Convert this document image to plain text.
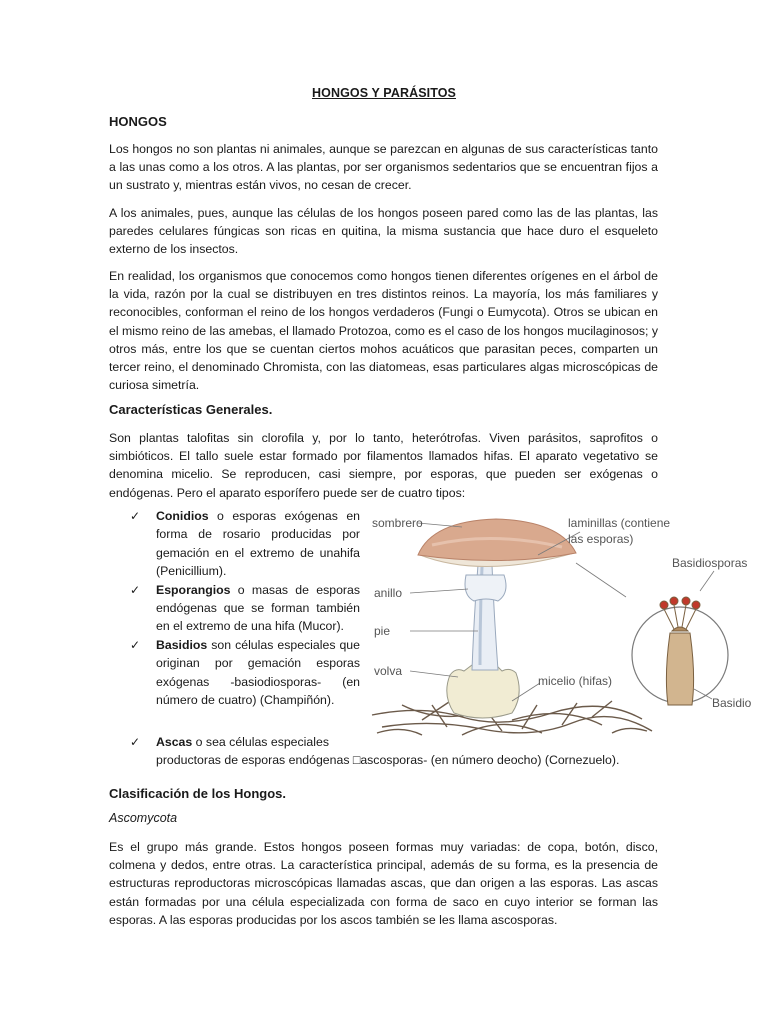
HONGOS Y PARÁSITOS
HONGOS

Los hongos no son plantas ni animales, aunque se parezcan en algunas de sus características tanto a las unas como a los otros. A las plantas, por ser organismos sedentarios que se encuentran fijos a un sustrato y, mientras están vivos, no cesan de crecer.

A los animales, pues, aunque las células de los hongos poseen pared como las de las plantas, las paredes celulares fúngicas son ricas en quitina, la misma sustancia que hace duro el esqueleto externo de los insectos.

En realidad, los organismos que conocemos como hongos tienen diferentes orígenes en el árbol de la vida, razón por la cual se distribuyen en tres distintos reinos. La mayoría, los más familiares y reconocibles, conforman el reino de los hongos verdaderos (Fungi o Eumycota). Otros se ubican en el mismo reino de las amebas, el llamado Protozoa, como es el caso de los hongos mucilaginosos; y otros más, entre los que se cuentan ciertos mohos acuáticos que parasitan peces, comparten un tercer reino, el denominado Chromista, con las diatomeas, esas particulares algas microscópicas de curiosa simetría.

Características Generales.

Son plantas talofitas sin clorofila y, por lo tanto, heterótrofas. Viven parásitos, saprofitos o simbióticos. El tallo suele estar formado por filamentos llamados hifas. El aparato vegetativo se denomina micelio. Se reproducen, casi siempre, por esporas, que pueden ser exógenas o endógenas. Pero el aparato esporífero puede ser de cuatro tipos:

✓ Conidios o esporas exógenas en forma de rosario producidas por gemación en el extremo de unahifa (Penicillium).
✓ Esporangios o masas de esporas endógenas que se forman también en el extremo de una hifa (Mucor).
✓ Basidios son células especiales que originan por gemación esporas exógenas -basiodiosporas- (en número de cuatro) (Champiñón).
✓ Ascas o sea células especiales
productoras de esporas endógenas □ascosporas- (en número deocho) (Cornezuelo).
sombrero	laminillas (contiene
las esporas)
Basidiosporas
anillo
pie
volva
micelio (hifas)
Basidio
Clasificación de los Hongos.
Ascomycota

Es el grupo más grande. Estos hongos poseen formas muy variadas: de copa, botón, disco, colmena y dedos, entre otras. La característica principal, además de su forma, es la presencia de estructuras reproductoras microscópicas llamadas ascas, que dan origen a las esporas. Las ascas están formadas por una célula especializada con forma de saco en cuyo interior se forman las esporas. A las esporas producidas por los ascos también se les llama ascosporas.
